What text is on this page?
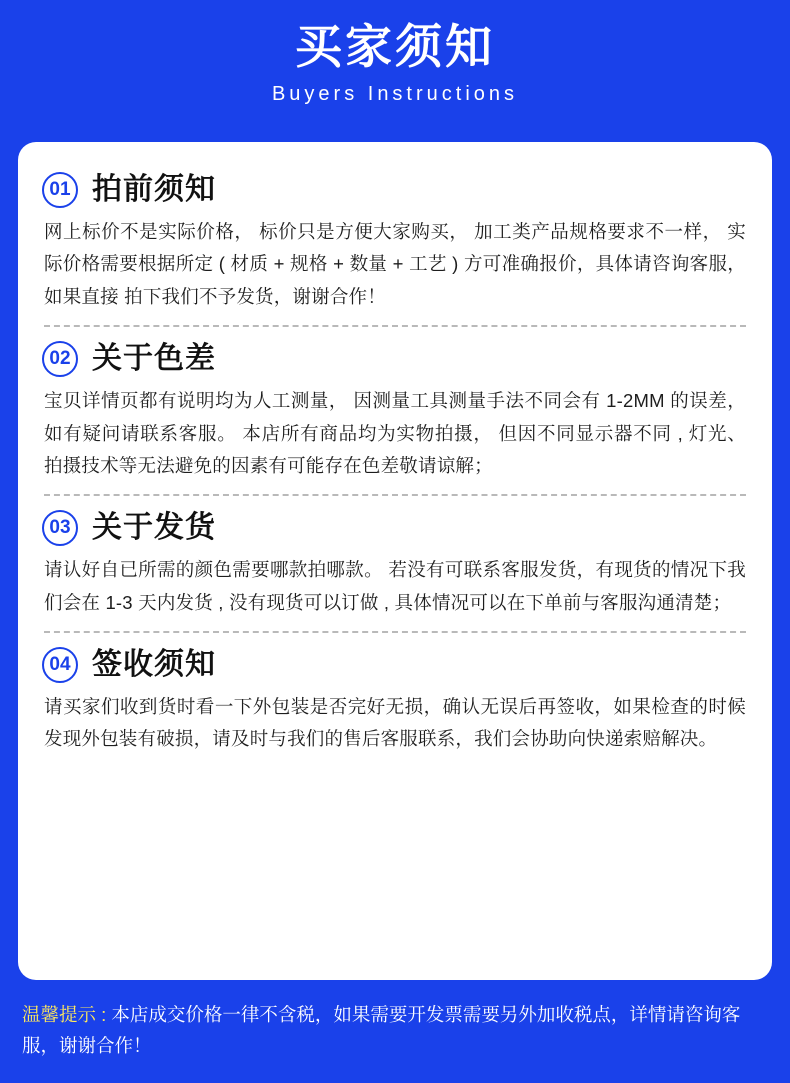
买家须知
Buyers Instructions
01 拍前须知
网上标价不是实际价格， 标价只是方便大家购买， 加工类产品规格要求不一样， 实际价格需要根据所定 ( 材质 + 规格 + 数量 + 工艺 ) 方可准确报价，具体请咨询客服， 如果直接 拍下我们不予发货，谢谢合作！
02 关于色差
宝贝详情页都有说明均为人工测量， 因测量工具测量手法不同会有 1-2MM 的误差， 如有疑问请联系客服。 本店所有商品均为实物拍摄， 但因不同显示器不同 , 灯光、 拍摄技术等无法避免的因素有可能存在色差敬请谅解；
03 关于发货
请认好自已所需的颜色需要哪款拍哪款。 若没有可联系客服发货，有现货的情况下我们会在 1-3 天内发货 , 没有现货可以订做 , 具体情况可以在下单前与客服沟通清楚；
04 签收须知
请买家们收到货时看一下外包装是否完好无损，确认无误后再签收，如果检查的时候发现外包装有破损，请及时与我们的售后客服联系，我们会协助向快递索赔解决。
温馨提示 : 本店成交价格一律不含税，如果需要开发票需要另外加收税点，详情请咨询客服，谢谢合作！
